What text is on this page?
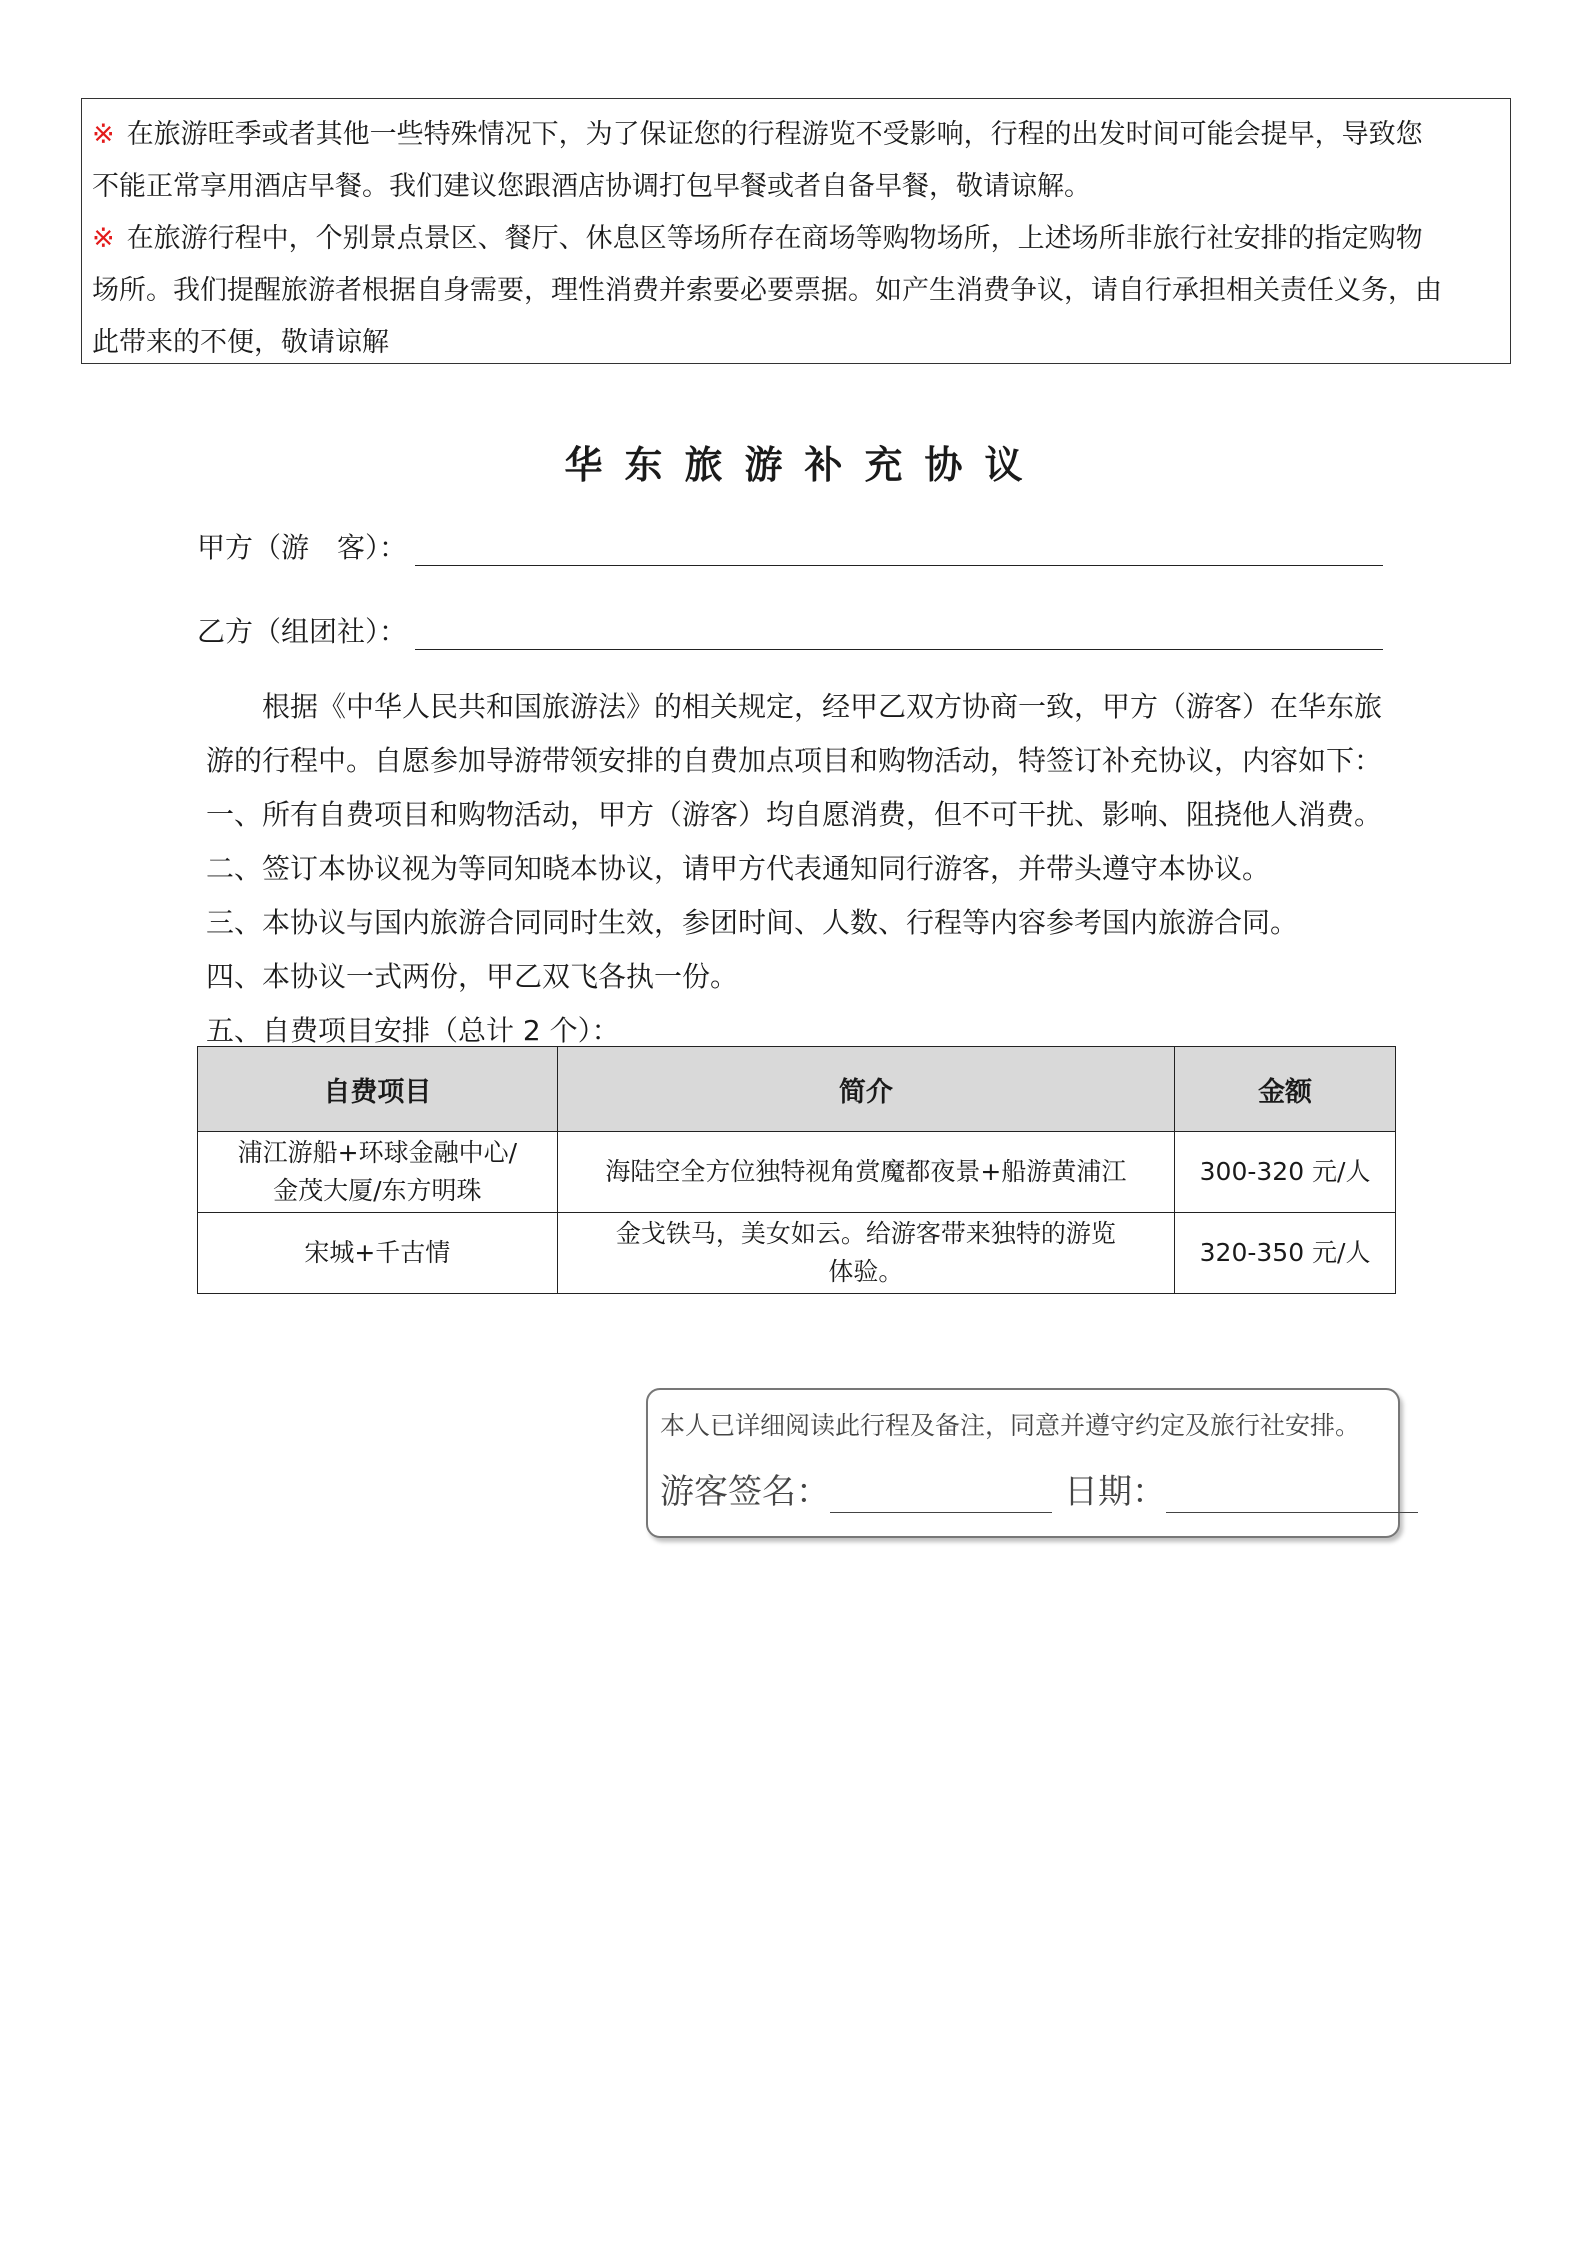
※ 在旅游旺季或者其他一些特殊情况下，为了保证您的行程游览不受影响，行程的出发时间可能会提早，导致您
不能正常享用酒店早餐。我们建议您跟酒店协调打包早餐或者自备早餐，敬请谅解。
※ 在旅游行程中，个别景点景区、餐厅、休息区等场所存在商场等购物场所，上述场所非旅行社安排的指定购物
场所。我们提醒旅游者根据自身需要，理性消费并索要必要票据。如产生消费争议，请自行承担相关责任义务，由
此带来的不便，敬请谅解
华东旅游补充协议
甲方（游　客）：
乙方（组团社）：
根据《中华人民共和国旅游法》的相关规定，经甲乙双方协商一致，甲方（游客）在华东旅
游的行程中。自愿参加导游带领安排的自费加点项目和购物活动，特签订补充协议，内容如下：
一、所有自费项目和购物活动，甲方（游客）均自愿消费，但不可干扰、影响、阻挠他人消费。
二、签订本协议视为等同知晓本协议，请甲方代表通知同行游客，并带头遵守本协议。
三、本协议与国内旅游合同同时生效，参团时间、人数、行程等内容参考国内旅游合同。
四、本协议一式两份，甲乙双飞各执一份。
五、自费项目安排（总计 2 个）：
自费项目	简介	金额

浦江游船+环球金融中心/
金茂大厦/东方明珠	海陆空全方位独特视角赏魔都夜景+船游黄浦江	300-320 元/人
宋城+千古情	金戈铁马，美女如云。给游客带来独特的游览
体验。	320-350 元/人
本人已详细阅读此行程及备注，同意并遵守约定及旅行社安排。
游客签名：	日期：
